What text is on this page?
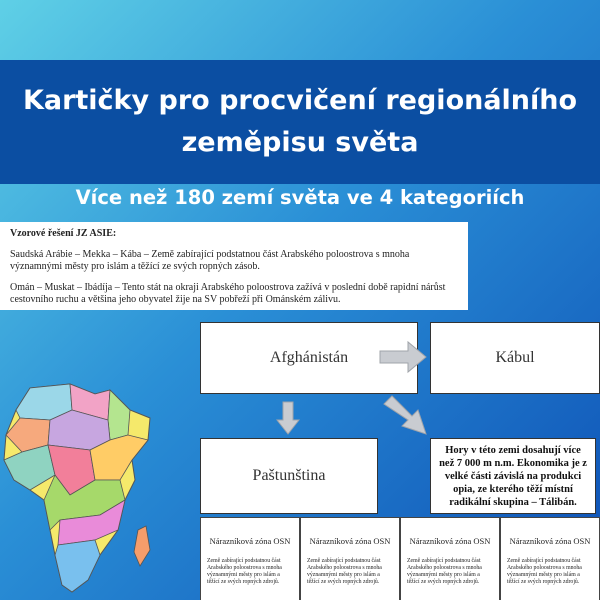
Kartičky pro procvičení regionálního zeměpisu světa
Více než 180 zemí světa ve 4 kategoriích
Vzorové řešení JZ ASIE:

Saudská Arábie – Mekka – Kába – Země zabírající podstatnou část Arabského poloostrova s mnoha významnými městy pro islám a těžící ze svých ropných zásob.

Omán – Muskat – Ibádíja – Tento stát na okraji Arabského poloostrova zažívá v poslední době rapidní nárůst cestovního ruchu a většina jeho obyvatel žije na SV pobřeží při Ománském zálivu.

Afghánistán	Kábul
Paštunština
Hory v této zemi dosahují více než 7 000 m n.m. Ekonomika je z velké části závislá na produkci opia, ze kterého těží místní radikální skupina – Tálibán.
Nárazníková zóna OSN
Země zabírající podstatnou část Arabského poloostrova s mnoha významnými městy pro islám a těžící ze svých ropných zdrojů.
Nárazníková zóna OSN
Země zabírající podstatnou část Arabského poloostrova s mnoha významnými městy pro islám a těžící ze svých ropných zdrojů.
Nárazníková zóna OSN
Země zabírající podstatnou část Arabského poloostrova s mnoha významnými městy pro islám a těžící ze svých ropných zdrojů.
Nárazníková zóna OSN
Země zabírající podstatnou část Arabského poloostrova s mnoha významnými městy pro islám a těžící ze svých ropných zdrojů.
